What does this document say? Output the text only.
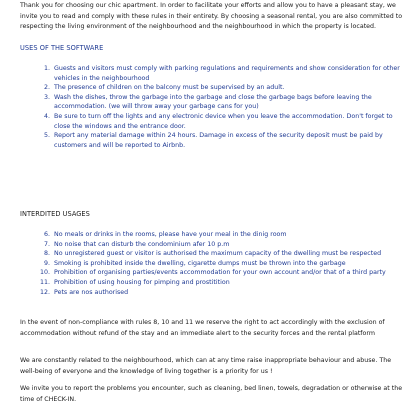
Thank you for choosing our chic apartment. In order to facilitate your efforts and allow you to have a pleasant stay, we invite you to read and comply with these rules in their entirety. By choosing a seasonal rental, you are also committed to respecting the living environment of the neighbourhood and the neighbourhood in which the property is located.

USES OF THE SOFTWARE
1. Guests and visitors must comply with parking regulations and requirements and show consideration for other vehicles in the neighbourhood
2. The presence of children on the balcony must be supervised by an adult.
3. Wash the dishes, throw the garbage into the garbage and close the garbage bags before leaving the accommodation. (we will throw away your garbage cans for you)
4. Be sure to turn off the lights and any electronic device when you leave the accommodation. Don't forget to close the windows and the entrance door.
5. Report any material damage within 24 hours. Damage in excess of the security deposit must be paid by customers and will be reported to Airbnb.
INTERDITED USAGES
6. No meals or drinks in the rooms, please have your meal in the dinig room
7. No noise that can disturb the condominium afer 10 p.m
8. No unregistered guest or visitor is authorised the maximum capacity of the dwelling must be respected
9. Smoking is prohibited inside the dwelling, cigarette dumps must be thrown into the garbage
10. Prohibition of organising parties/events accommodation for your own account and/or that of a third party
11. Prohibition of using housing for pimping and prostitition
12. Pets are nos authorised

In the event of non-compliance with rules 8, 10 and 11 we reserve the right to act accordingly with the exclusion of accommodation without refund of the stay and an immediate alert to the security forces and the rental platform

We are constantly related to the neighbourhood, which can at any time raise inappropriate behaviour and abuse. The well-being of everyone and the knowledge of living together is a priority for us !

We invite you to report the problems you encounter, such as cleaning, bed linen, towels, degradation or otherwise at the time of CHECK-IN.
